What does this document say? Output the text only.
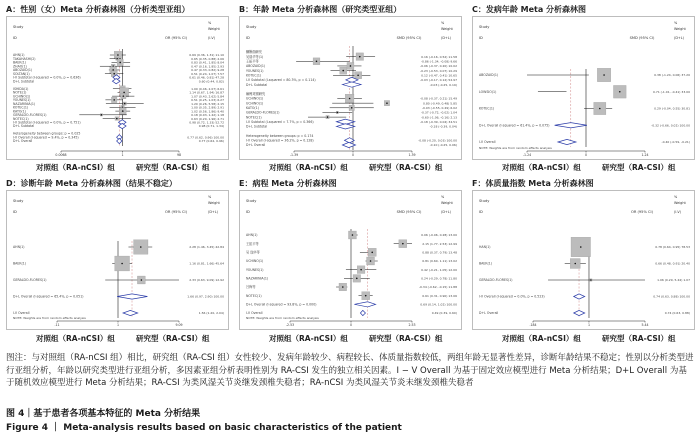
A：性别（女）Meta 分析森林图（分析类型亚组）	B：年龄 Meta 分析森林图（研究类型亚组）	C：发病年龄 Meta 分析森林图
D：诊断年龄 Meta 分析森林图（结果不稳定）	E：病程 Meta 分析森林图	F：体质量指数 Meta 分析森林图
Study
ID	OR (95% CI)
%
Weight
(I-V)
AHN(1)	0.69 (0.36, 1.31) 11.10
TAKAHASHI(2)	0.65 (0.35, 0.88) 2.06
BAEK(1)	0.83 (0.41, 1.85) 8.04
ZHAO(1)	0.47 (0.16, 1.85) 2.93
ABOZAID(1)	0.47 (0.33, 0.82) 9.28
SOLTAN(1)	0.51 (0.24, 1.07) 7.57
I-V Subtotal (I-squared = 0.0%, p = 0.636)	0.61 (0.46, 0.81) 47.28
D+L Subtotal	0.60 (0.44, 0.82)
ISHIDA(1)	1.00 (0.46, 2.07) 6.61
NOTE(1)	1.14 (0.67, 1.94) 16.87
UCHINO(1)	1.07 (0.43, 2.62) 5.84
YOUNES(1)	0.51 (0.25, 1.03) 6.27
NAZARINIA(1)	1.20 (0.26, 5.58) 2.15
KOTEC(1)	1.00 (0.35, 2.89) 2.91
KATO(1)	1.02 (0.56, 1.86) 9.40
GERALDO-FLORES(1)	0.18 (0.03, 1.42) 1.18
NOTEC(1)	0.63 (0.20, 1.96) 2.71
I-V Subtotal (I-squared = 0.0%, p = 0.751)	0.98 (0.72, 1.33) 52.72
D+L Subtotal	0.98 (0.71, 1.34)
Heterogeneity between groups: p = 0.025
I-V Overall (I-squared = 9.4%, p = 0.345)	0.77 (0.62, 0.96) 100.00
D+L Overall	0.77 (0.62, 0.96)
0.0068	1	98
Study
ID	SMD (95% CI)
%
Weight
(D+L)
横断面研究
吴瑞华等(1)	0.16 (-0.16, 0.52) 11.58
王振平等	-0.86 (-1.34, -0.08) 9.66
ABOZAID(1)	-0.06 (-0.37, 0.20) 10.02
YOUNES(1)	-0.23 (-0.53, 0.07) 10.29
KOTEC(1)	0.12 (-0.47, 0.41) 10.65
I-V Subtotal (I-squared = 80.3%, p = 0.114)	-0.03 (-0.17, 0.12) 52.97
D+L Subtotal	-0.03 (-0.25, 0.19)
病例对照研究
UCHINO(1)	-0.08 (-0.37, 0.21) 15.49
UCHINO(1)	0.80 (-0.49, 0.48) 5.85
KATO(1)	-0.03 (-0.55, 0.49) 6.02
GERALDO-FLORES(1)	-0.37 (-0.72, -0.02) 1.04
NOTEC(1)	-0.60 (-1.06, -0.16) 2.13
I-V Subtotal (I-squared = 7.7%, p = 0.366)	-0.18 (-0.39, 0.04) 34.51
D+L Subtotal	-0.18 (-0.39, 0.04)
Heterogeneity between groups: p = 0.174
I-V Overall (I-squared = 36.2%, p = 0.128)	-0.08 (-0.20, 0.03) 100.00
D+L Overall	-0.10 (-0.25, 0.06)
-1.39	0	1.39
Study
ID	SMD (95% CI)
%
Weight
(D+L)
ABOZAID(1)	0.38 (-1.24, 0.06) 37.20
LOWSIO(1)	0.71 (-1.01, -0.41) 33.00
KOTEC(1)	0.29 (-0.04, 0.55) 30.81
D+L Overall (I-squared = 61.4%, p = 0.075)	-0.32 (-0.66, 0.02) 100.00
I-V Overall	-0.40 (-0.59, -0.21)
NOTE: Weights are from random effects analysis
-1.24	0	1.24
Study
ID	OR (95% CI)
%
Weight
(D+L)
AHN(1)	2.28 (1.46, 3.45) 42.84
BAEK(1)	1.16 (0.81, 1.66) 45.64
GERALDO-FLORES(1)	2.33 (0.63, 9.09) 12.92
D+L Overall (I-squared = 65.4%, p = 0.051)	1.66 (0.97, 2.90) 100.00
I-V Overall	1.56 (1.20, 2.04)
NOTE: Weights are from random effects analysis
.11	1	9.09
Study
ID	SMD (95% CI)
%
Weight
(D+L)
AHN(1)	0.06 (-0.06, 0.28) 13.00
王振平等	2.15 (1.77, 2.53) 12.99
吴 瑞华等	0.88 (0.37, 0.79) 13.48
UCHINO(1)	0.81 (0.60, 1.11) 13.02
YOUNES(1)	0.42 (-0.21, 1.05) 12.00
NAZARINIA(1)	0.24 (-0.29, 0.78) 11.80
吕梅等	-0.34 (-0.62, -0.15) 11.88
NOTEC(1)	0.61 (0.31, 0.90) 13.06
D+L Overall (I-squared = 93.8%, p = 0.000)	0.69 (0.14, 1.02) 100.00
I-V Overall	0.49 (0.39, 0.60)
NOTE: Weights are from random effects analysis
-2.53	0	2.53
Study
ID	OR (95% CI)
%
Weight
(I-V)
HAN(1)	0.78 (0.64, 0.95) 78.53
BAEK(1)	0.66 (0.48, 0.91) 20.40
GERALDO-FLORES(1)	1.06 (0.29, 5.44) 1.07
I-V Overall (I-squared = 0.0%, p = 0.523)	0.74 (0.63, 0.88) 100.00
D+L Overall	0.74 (0.63, 0.88)
.184	1	5.44
对照组（RA-nCSI）组	研究型（RA-CSI）组	对照组（RA-nCSI）组	研究型（RA-CSI）组	对照组（RA-nCSI）组	研究型（RA-CSI）组
对照组（RA-nCSI）组	研究型（RA-CSI）组	对照组（RA-nCSI）组	研究型（RA-CSI）组	对照组（RA-nCSI）组	研究型（RA-CSI）组
图注：与对照组（RA-nCSI 组）相比，研究组（RA-CSI 组）女性较少、发病年龄较少、病程较长、体质量指数较低，两组年龄无显著性差异，诊断年龄结果不稳定；性别以分析类型进行亚组分析，年龄以研究类型进行亚组分析，多因素亚组分析表明性别为 RA-CSI 发生的独立相关因素。I − V Overall 为基于固定效应模型进行 Meta 分析结果；D+L Overall 为基于随机效应模型进行 Meta 分析结果；RA-CSI 为类风湿关节炎继发颈椎失稳者；RA-nCSI 为类风湿关节炎未继发颈椎失稳者
图 4｜基于患者各项基本特征的 Meta 分析结果
Figure 4 ｜ Meta-analysis results based on basic characteristics of the patient
